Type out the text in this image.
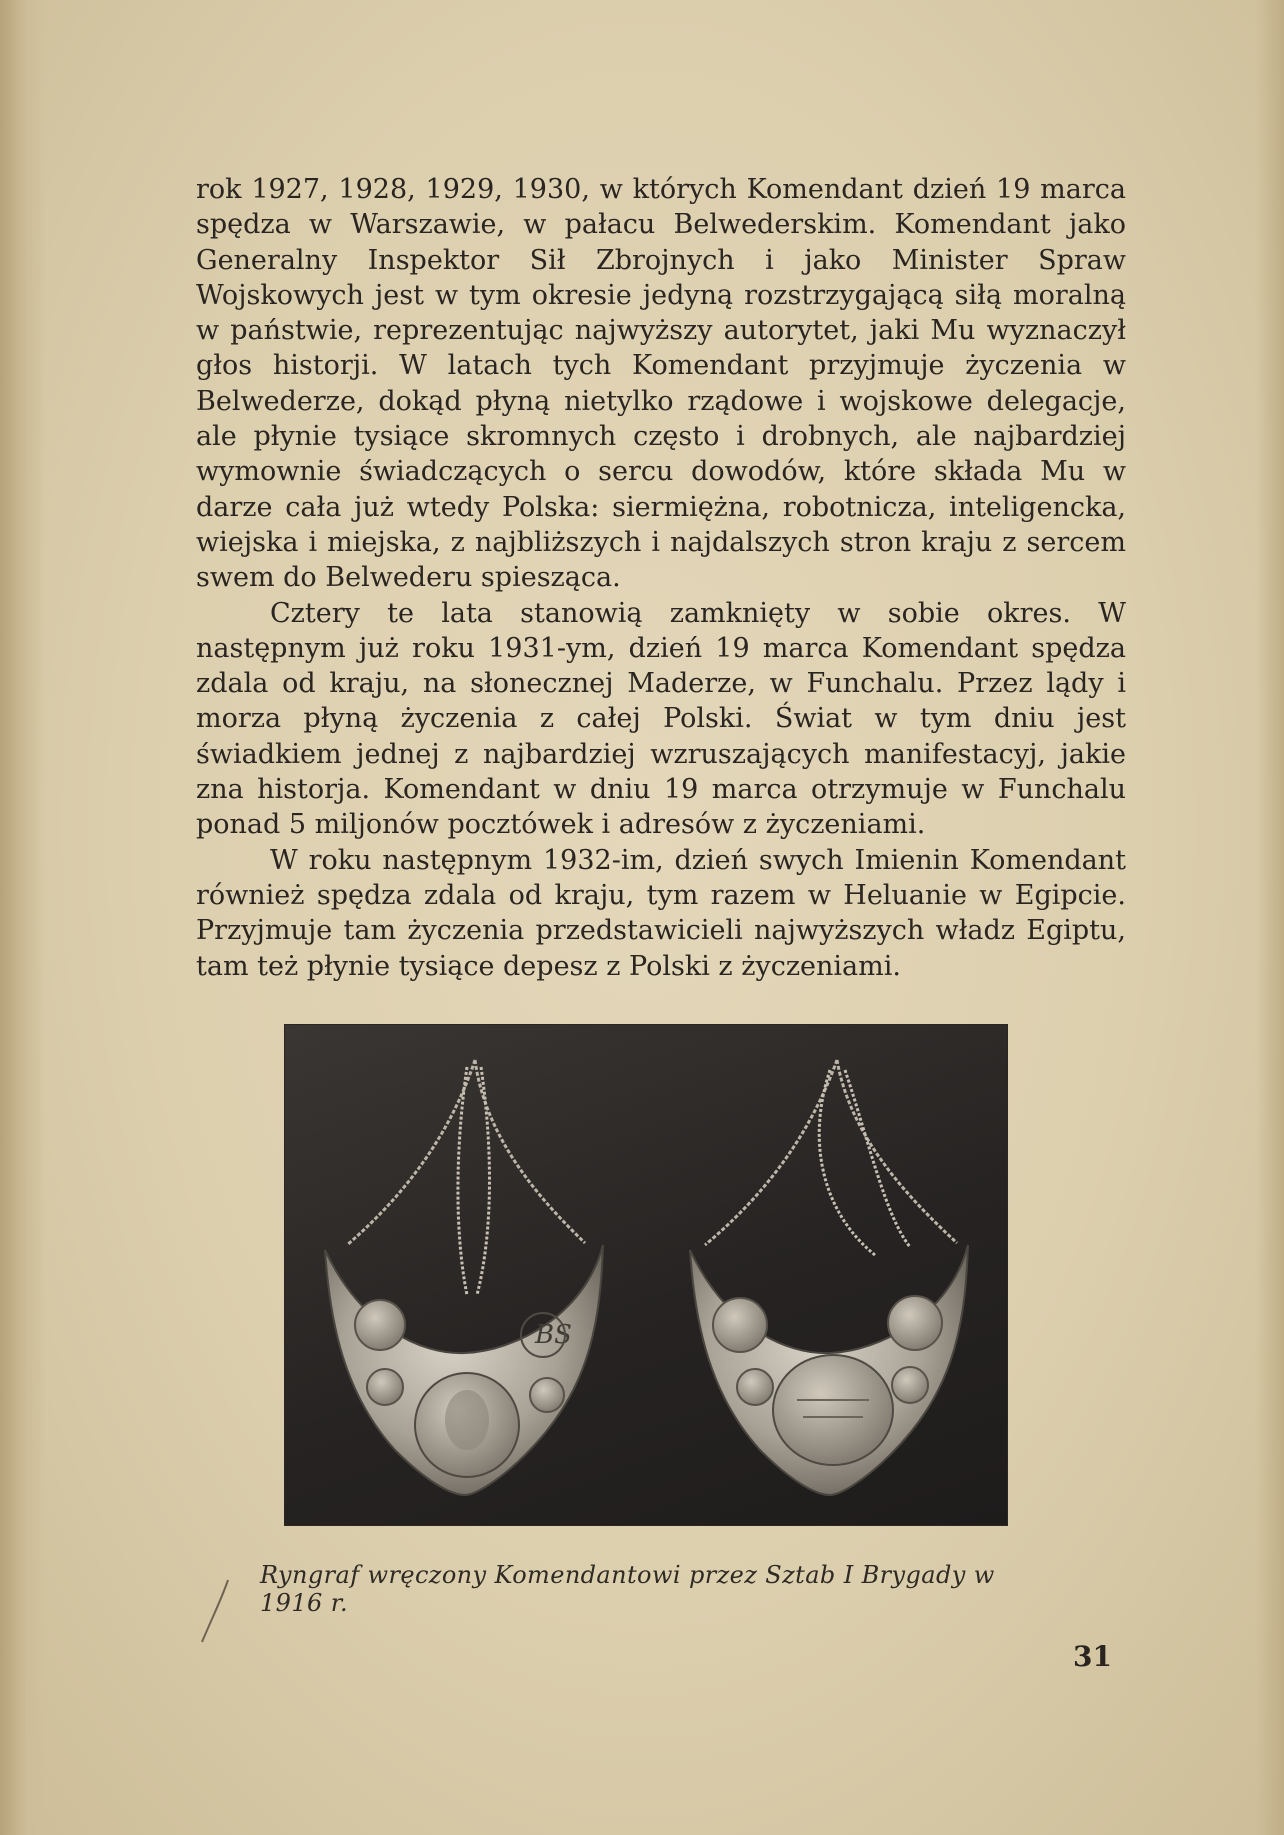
rok 1927, 1928, 1929, 1930, w których Komendant dzień 19 marca spędza w Warszawie, w pałacu Belwederskim. Komendant jako Generalny Inspektor Sił Zbrojnych i jako Minister Spraw Wojskowych jest w tym okresie jedyną rozstrzygającą siłą moralną w państwie, reprezentując najwyższy autorytet, jaki Mu wyznaczył głos historji. W latach tych Komendant przyjmuje życzenia w Belwederze, dokąd płyną nietylko rządowe i wojskowe delegacje, ale płynie tysiące skromnych często i drobnych, ale najbardziej wymownie świadczących o sercu dowodów, które składa Mu w darze cała już wtedy Polska: siermiężna, robotnicza, inteligencka, wiejska i miejska, z najbliższych i najdalszych stron kraju z sercem swem do Belwederu spiesząca.

Cztery te lata stanowią zamknięty w sobie okres. W następnym już roku 1931-ym, dzień 19 marca Komendant spędza zdala od kraju, na słonecznej Maderze, w Funchalu. Przez lądy i morza płyną życzenia z całej Polski. Świat w tym dniu jest świadkiem jednej z najbardziej wzruszających manifestacyj, jakie zna historja. Komendant w dniu 19 marca otrzymuje w Funchalu ponad 5 miljonów pocztówek i adresów z życzeniami.

W roku następnym 1932-im, dzień swych Imienin Komendant również spędza zdala od kraju, tym razem w Heluanie w Egipcie. Przyjmuje tam życzenia przedstawicieli najwyższych władz Egiptu, tam też płynie tysiące depesz z Polski z życzeniami.

BS
Ryngraf wręczony Komendantowi przez Sztab I Brygady w 1916 r.
31
